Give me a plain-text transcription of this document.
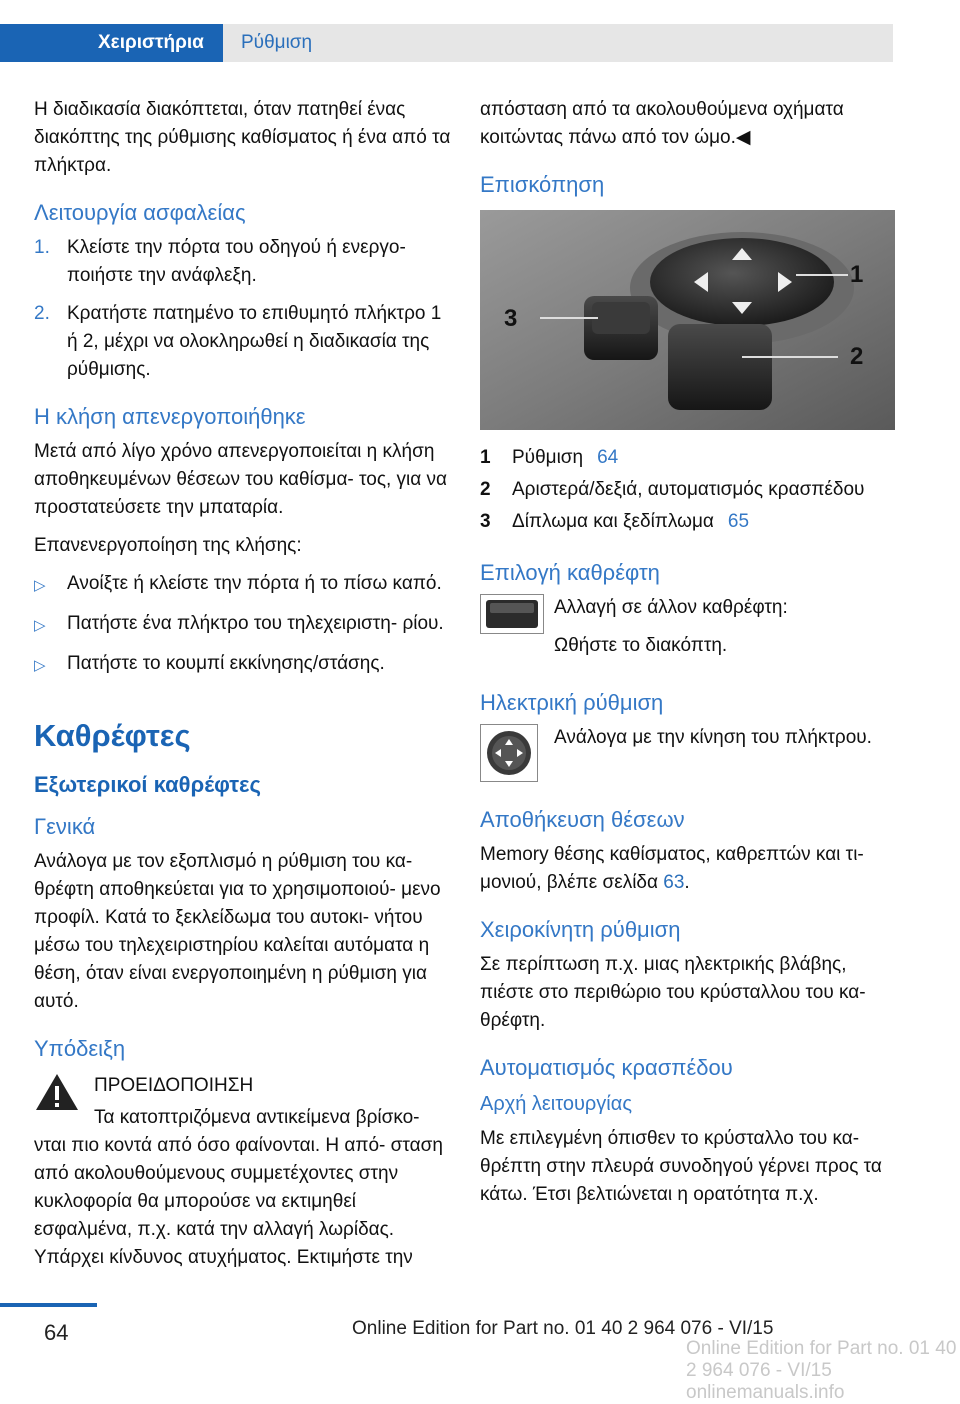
Χειριστήρια	Ρύθμιση

Η διαδικασία διακόπτεται, όταν πατηθεί ένας διακόπτης της ρύθμισης καθίσματος ή ένα από τα πλήκτρα.

Λειτουργία ασφαλείας
1. Κλείστε την πόρτα του οδηγού ή ενεργο- ποιήστε την ανάφλεξη.
2. Κρατήστε πατημένο το επιθυμητό πλήκτρο 1 ή 2, μέχρι να ολοκληρωθεί η διαδικασία της ρύθμισης.
Η κλήση απενεργοποιήθηκε

Μετά από λίγο χρόνο απενεργοποιείται η κλήση αποθηκευμένων θέσεων του καθίσμα- τος, για να προστατεύσετε την μπαταρία.

Επανενεργοποίηση της κλήσης:

▷	Ανοίξτε ή κλείστε την πόρτα ή το πίσω καπό.
▷	Πατήστε ένα πλήκτρο του τηλεχειριστη- ρίου.
▷	Πατήστε το κουμπί εκκίνησης/στάσης.
Καθρέφτες
Εξωτερικοί καθρέφτες
Γενικά

Ανάλογα με τον εξοπλισμό η ρύθμιση του κα- θρέφτη αποθηκεύεται για το χρησιμοποιού- μενο προφίλ. Κατά το ξεκλείδωμα του αυτοκι- νήτου μέσω του τηλεχειριστηρίου καλείται αυτόματα η θέση, όταν είναι ενεργοποιημένη η ρύθμιση για αυτό.

Υπόδειξη

ΠΡΟΕΙΔΟΠΟΙΗΣΗ

Τα κατοπτριζόμενα αντικείμενα βρίσκο-

νται πιο κοντά από όσο φαίνονται. Η από- σταση από ακολουθούμενους συμμετέχοντες στην κυκλοφορία θα μπορούσε να εκτιμηθεί εσφαλμένα, π.χ. κατά την αλλαγή λωρίδας. Υπάρχει κίνδυνος ατυχήματος. Εκτιμήστε την

απόσταση από τα ακολουθούμενα οχήματα κοιτώντας πάνω από τον ώμο.◀

Επισκόπηση
1
2
3
1	Ρύθμιση 64
2	Αριστερά/δεξιά, αυτοματισμός κρασπέδου
3	Δίπλωμα και ξεδίπλωμα 65
Επιλογή καθρέφτη

Αλλαγή σε άλλον καθρέφτη:

Ωθήστε το διακόπτη.

Ηλεκτρική ρύθμιση

Ανάλογα με την κίνηση του πλήκτρου.

Αποθήκευση θέσεων

Memory θέσης καθίσματος, καθρεπτών και τι- μονιού, βλέπε σελίδα 63.

Χειροκίνητη ρύθμιση

Σε περίπτωση π.χ. μιας ηλεκτρικής βλάβης, πιέστε στο περιθώριο του κρύσταλλου του κα- θρέφτη.

Αυτοματισμός κρασπέδου
Αρχή λειτουργίας

Με επιλεγμένη όπισθεν το κρύσταλλο του κα- θρέπτη στην πλευρά συνοδηγού γέρνει προς τα κάτω. Έτσι βελτιώνεται η ορατότητα π.χ.

64	Online Edition for Part no. 01 40 2 964 076 - VI/15
Online Edition for Part no. 01 40 2 964 076 - VI/15 onlinemanuals.info
